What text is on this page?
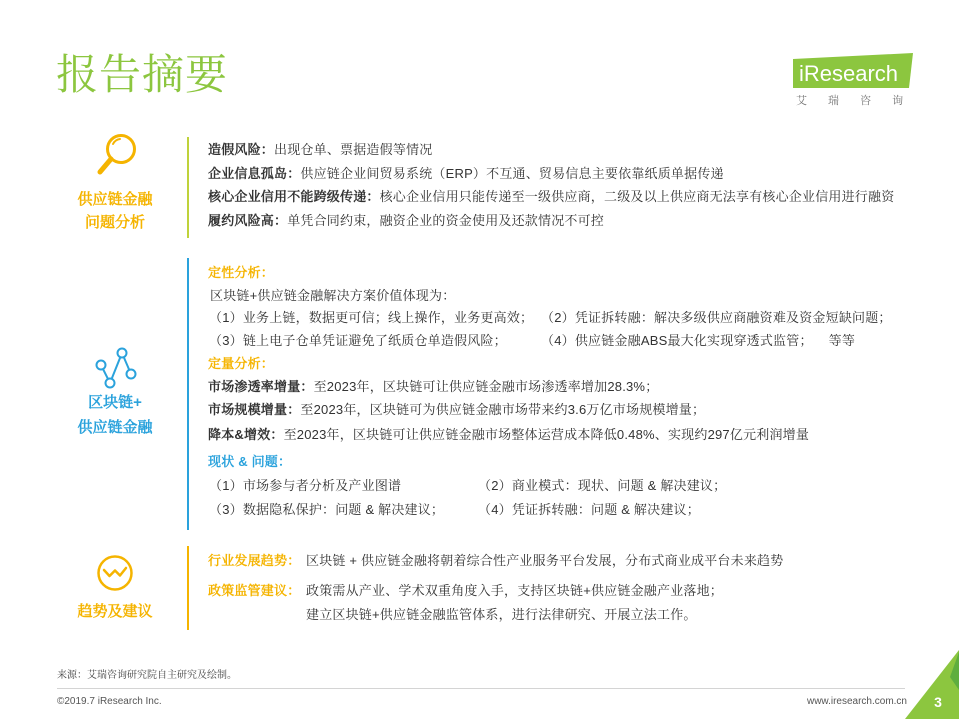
报告摘要	iResearch
艾 瑞 咨 询
供应链金融
问题分析
造假风险：出现仓单、票据造假等情况
企业信息孤岛：供应链企业间贸易系统（ERP）不互通、贸易信息主要依靠纸质单据传递
核心企业信用不能跨级传递：核心企业信用只能传递至一级供应商，二级及以上供应商无法享有核心企业信用进行融资
履约风险高：单凭合同约束，融资企业的资金使用及还款情况不可控
区块链+
供应链金融
定性分析：
区块链+供应链金融解决方案价值体现为：
（1）业务上链，数据更可信；线上操作，业务更高效； （2）凭证拆转融：解决多级供应商融资难及资金短缺问题；
（3）链上电子仓单凭证避免了纸质仓单造假风险；	（4）供应链金融ABS最大化实现穿透式监管； 等等
定量分析：
市场渗透率增量：至2023年，区块链可让供应链金融市场渗透率增加28.3%；
市场规模增量：至2023年，区块链可为供应链金融市场带来约3.6万亿市场规模增量；
降本&增效：至2023年，区块链可让供应链金融市场整体运营成本降低0.48%、实现约297亿元利润增量
现状 & 问题：
（1）市场参与者分析及产业图谱	（2）商业模式：现状、问题 & 解决建议；
（3）数据隐私保护：问题 & 解决建议；	（4）凭证拆转融：问题 & 解决建议；
趋势及建议
行业发展趋势： 区块链 + 供应链金融将朝着综合性产业服务平台发展，分布式商业成平台未来趋势
政策监管建议： 政策需从产业、学术双重角度入手，支持区块链+供应链金融产业落地；
建立区块链+供应链金融监管体系，进行法律研究、开展立法工作。
来源：艾瑞咨询研究院自主研究及绘制。
©2019.7 iResearch Inc.	www.iresearch.com.cn 3
